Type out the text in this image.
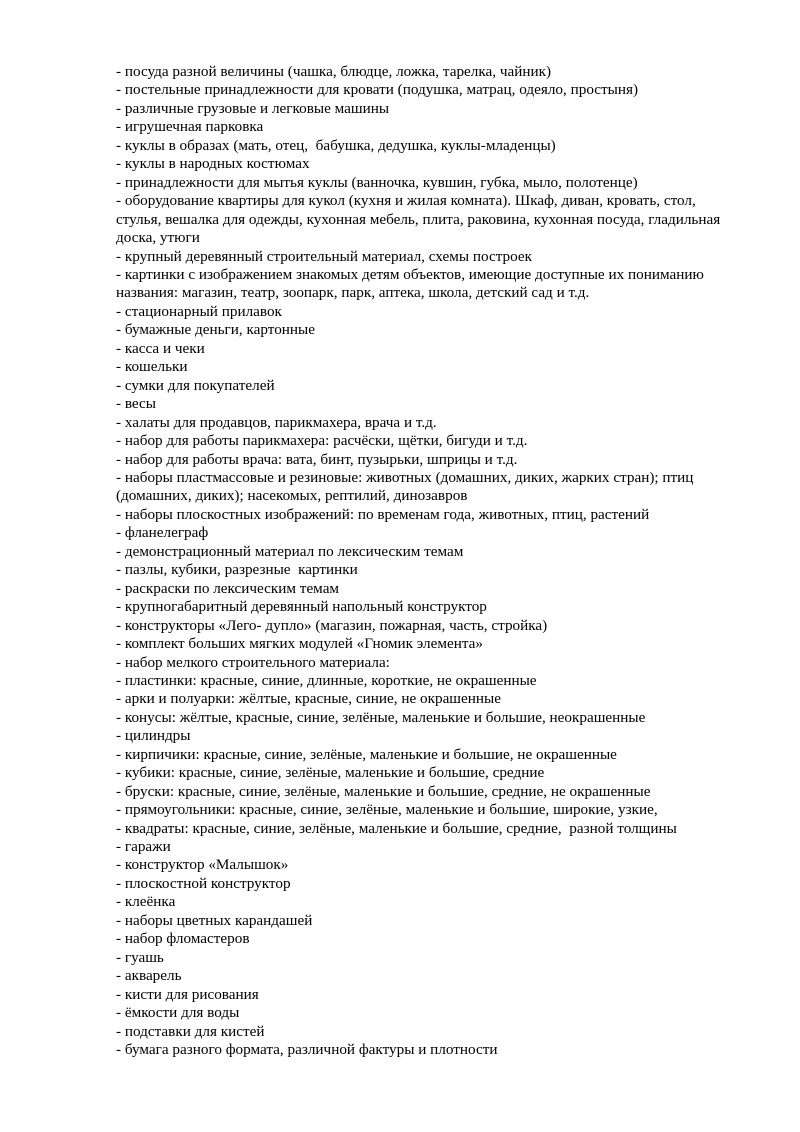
- посуда разной величины (чашка, блюдце, ложка, тарелка, чайник)
- постельные принадлежности для кровати (подушка, матрац, одеяло, простыня)
- различные грузовые и легковые машины
- игрушечная парковка
- куклы в образах (мать, отец,  бабушка, дедушка, куклы-младенцы)
- куклы в народных костюмах
- принадлежности для мытья куклы (ванночка, кувшин, губка, мыло, полотенце)
- оборудование квартиры для кукол (кухня и жилая комната). Шкаф, диван, кровать, стол,
стулья, вешалка для одежды, кухонная мебель, плита, раковина, кухонная посуда, гладильная
доска, утюги
- крупный деревянный строительный материал, схемы построек
- картинки с изображением знакомых детям объектов, имеющие доступные их пониманию
названия: магазин, театр, зоопарк, парк, аптека, школа, детский сад и т.д.
- стационарный прилавок
- бумажные деньги, картонные
- касса и чеки
- кошельки
- сумки для покупателей
- весы
- халаты для продавцов, парикмахера, врача и т.д.
- набор для работы парикмахера: расчёски, щётки, бигуди и т.д.
- набор для работы врача: вата, бинт, пузырьки, шприцы и т.д.
- наборы пластмассовые и резиновые: животных (домашних, диких, жарких стран); птиц
(домашних, диких); насекомых, рептилий, динозавров
- наборы плоскостных изображений: по временам года, животных, птиц, растений
- фланелеграф
- демонстрационный материал по лексическим темам
- пазлы, кубики, разрезные  картинки
- раскраски по лексическим темам
- крупногабаритный деревянный напольный конструктор
- конструкторы «Лего- дупло» (магазин, пожарная, часть, стройка)
- комплект больших мягких модулей «Гномик элемента»
- набор мелкого строительного материала:
- пластинки: красные, синие, длинные, короткие, не окрашенные
- арки и полуарки: жёлтые, красные, синие, не окрашенные
- конусы: жёлтые, красные, синие, зелёные, маленькие и большие, неокрашенные
- цилиндры
- кирпичики: красные, синие, зелёные, маленькие и большие, не окрашенные
- кубики: красные, синие, зелёные, маленькие и большие, средние
- бруски: красные, синие, зелёные, маленькие и большие, средние, не окрашенные
- прямоугольники: красные, синие, зелёные, маленькие и большие, широкие, узкие,
- квадраты: красные, синие, зелёные, маленькие и большие, средние,  разной толщины
- гаражи
- конструктор «Малышок»
- плоскостной конструктор
- клеёнка
- наборы цветных карандашей
- набор фломастеров
- гуашь
- акварель
- кисти для рисования
- ёмкости для воды
- подставки для кистей
- бумага разного формата, различной фактуры и плотности
